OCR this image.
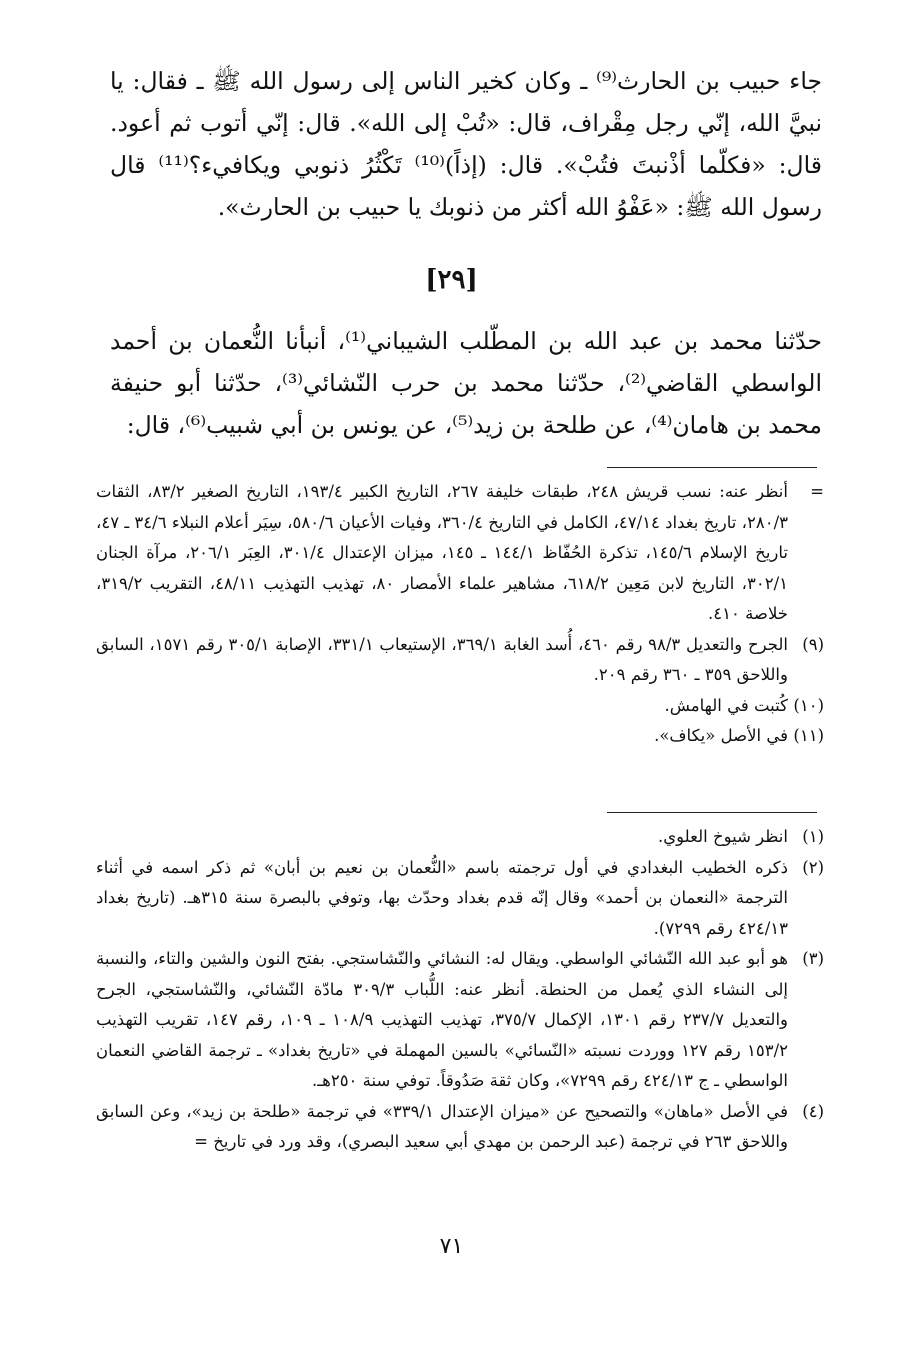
جاء حبيب بن الحارث⁽⁹⁾ ـ وكان كخير الناس إلى رسول الله ﷺ ـ فقال: يا نبيَّ الله، إنّي رجل مِقْراف، قال: «تُبْ إلى الله». قال: إنّي أتوب ثم أعود. قال: «فكلّما أذْنبتَ فتُبْ». قال: (إذاً)⁽¹⁰⁾ تَكْثُرُ ذنوبي ويكافيء؟⁽¹¹⁾ قال رسول الله ﷺ: «عَفْوُ الله أكثر من ذنوبك يا حبيب بن الحارث».

[٢٩]

حدّثنا محمد بن عبد الله بن المطّلب الشيباني⁽¹⁾، أنبأنا النُّعمان بن أحمد الواسطي القاضي⁽²⁾، حدّثنا محمد بن حرب النّشائي⁽³⁾، حدّثنا أبو حنيفة محمد بن هامان⁽⁴⁾، عن طلحة بن زيد⁽⁵⁾، عن يونس بن أبي شبيب⁽⁶⁾، قال:

=
أنظر عنه: نسب قريش ٢٤٨، طبقات خليفة ٢٦٧، التاريخ الكبير ١٩٣/٤، التاريخ الصغير ٨٣/٢، الثقات ٢٨٠/٣، تاريخ بغداد ٤٧/١٤، الكامل في التاريخ ٣٦٠/٤، وفيات الأعيان ٥٨٠/٦، سِيَر أعلام النبلاء ٣٤/٦ ـ ٤٧، تاريخ الإسلام ١٤٥/٦، تذكرة الحُفّاظ ١٤٤/١ ـ ١٤٥، ميزان الإعتدال ٣٠١/٤، العِبَر ٢٠٦/١، مرآة الجنان ٣٠٢/١، التاريخ لابن مَعِين ٦١٨/٢، مشاهير علماء الأمصار ٨٠، تهذيب التهذيب ٤٨/١١، التقريب ٣١٩/٢، خلاصة ٤١٠.
(٩)
الجرح والتعديل ٩٨/٣ رقم ٤٦٠، أُسد الغابة ٣٦٩/١، الإستيعاب ٣٣١/١، الإصابة ٣٠٥/١ رقم ١٥٧١، السابق واللاحق ٣٥٩ ـ ٣٦٠ رقم ٢٠٩.
(١٠)
كُتبت في الهامش.
(١١)
في الأصل «يكاف».
(١)
انظر شيوخ العلوي.
(٢)
ذكره الخطيب البغدادي في أول ترجمته باسم «النُّعمان بن نعيم بن أبان» ثم ذكر اسمه في أثناء الترجمة «النعمان بن أحمد» وقال إنّه قدم بغداد وحدّث بها، وتوفي بالبصرة سنة ٣١٥هـ. (تاريخ بغداد ٤٢٤/١٣ رقم ٧٢٩٩).
(٣)
هو أبو عبد الله النّشائي الواسطي. ويقال له: النشائي والنّشاستجي. بفتح النون والشين والتاء، والنسبة إلى النشاء الذي يُعمل من الحنطة. أنظر عنه: اللُّباب ٣٠٩/٣ مادّة النّشائي، والنّشاستجي، الجرح والتعديل ٢٣٧/٧ رقم ١٣٠١، الإكمال ٣٧٥/٧، تهذيب التهذيب ١٠٨/٩ ـ ١٠٩، رقم ١٤٧، تقريب التهذيب ١٥٣/٢ رقم ١٢٧ ووردت نسبته «النّسائي» بالسين المهملة في «تاريخ بغداد» ـ ترجمة القاضي النعمان الواسطي ـ ج ٤٢٤/١٣ رقم ٧٢٩٩»، وكان ثقة صَدُوقاً. توفي سنة ٢٥٠هـ.
(٤)
في الأصل «ماهان» والتصحيح عن «ميزان الإعتدال ٣٣٩/١» في ترجمة «طلحة بن زيد»، وعن السابق واللاحق ٢٦٣ في ترجمة (عبد الرحمن بن مهدي أبي سعيد البصري)، وقد ورد في تاريخ =
٧١
